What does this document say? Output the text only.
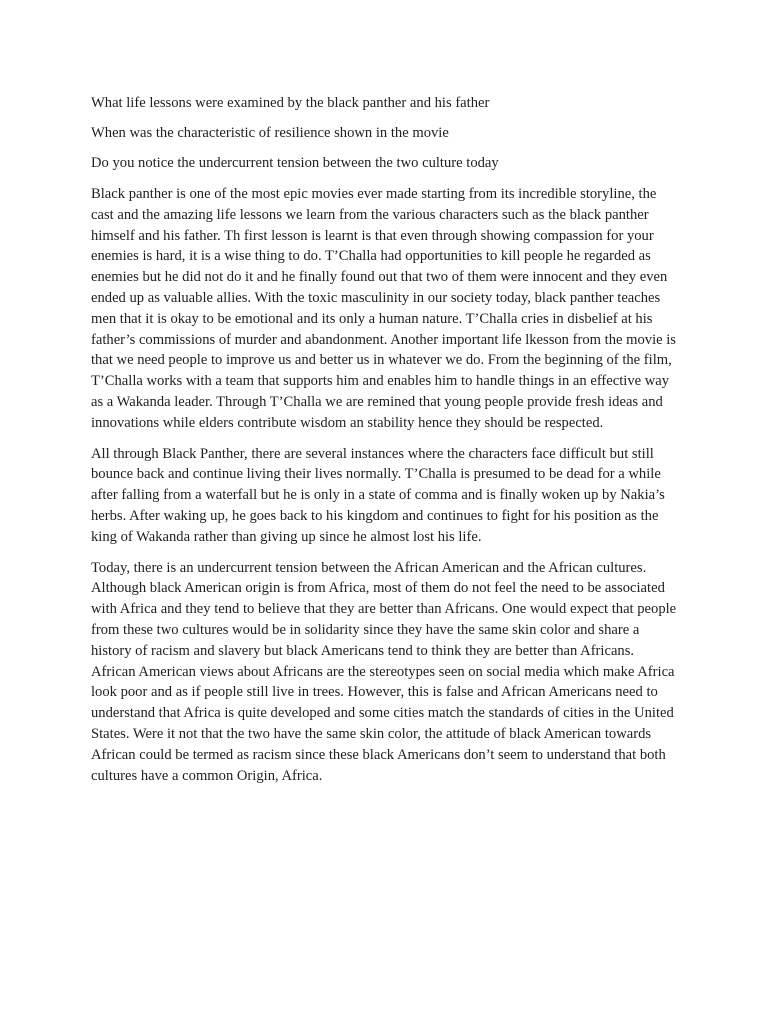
What life lessons were examined by the black panther and his father

When was the characteristic of resilience shown in the movie

Do you notice the undercurrent tension between the two culture today

Black panther is one of the most epic movies ever made starting from its incredible storyline, the cast and the amazing life lessons we learn from the various characters such as the black panther himself and his father. Th first lesson is learnt is that even through showing compassion for your enemies is hard, it is a wise thing to do. T’Challa had opportunities to kill people he regarded as enemies but he did not do it and he finally found out that two of them were innocent and they even ended up as valuable allies. With the toxic masculinity in our society today, black panther teaches men that it is okay to be emotional and its only a human nature. T’Challa cries in disbelief at his father’s commissions of murder and abandonment. Another important life lkesson from the movie is that we need people to improve us and better us in whatever we do. From the beginning of the film, T’Challa works with a team that supports him and enables him to handle things in an effective way as a Wakanda leader. Through T’Challa we are remined that young people provide fresh ideas and innovations while elders contribute wisdom an stability hence they should be respected.

All through Black Panther, there are several instances where the characters face difficult but still bounce back and continue living their lives normally. T’Challa is presumed to be dead for a while after falling from a waterfall but he is only in a state of comma and is finally woken up by Nakia’s herbs. After waking up, he goes back to his kingdom and continues to fight for his position as the king of Wakanda rather than giving up since he almost lost his life.

Today, there is an undercurrent tension between the African American and the African cultures. Although black American origin is from Africa, most of them do not feel the need to be associated with Africa and they tend to believe that they are better than Africans. One would expect that people from these two cultures would be in solidarity since they have the same skin color and share a history of racism and slavery but black Americans tend to think they are better than Africans. African American views about Africans are the stereotypes seen on social media which make Africa look poor and as if people still live in trees. However, this is false and African Americans need to understand that Africa is quite developed and some cities match the standards of cities in the United States. Were it not that the two have the same skin color, the attitude of black American towards African could be termed as racism since these black Americans don’t seem to understand that both cultures have a common Origin, Africa.
